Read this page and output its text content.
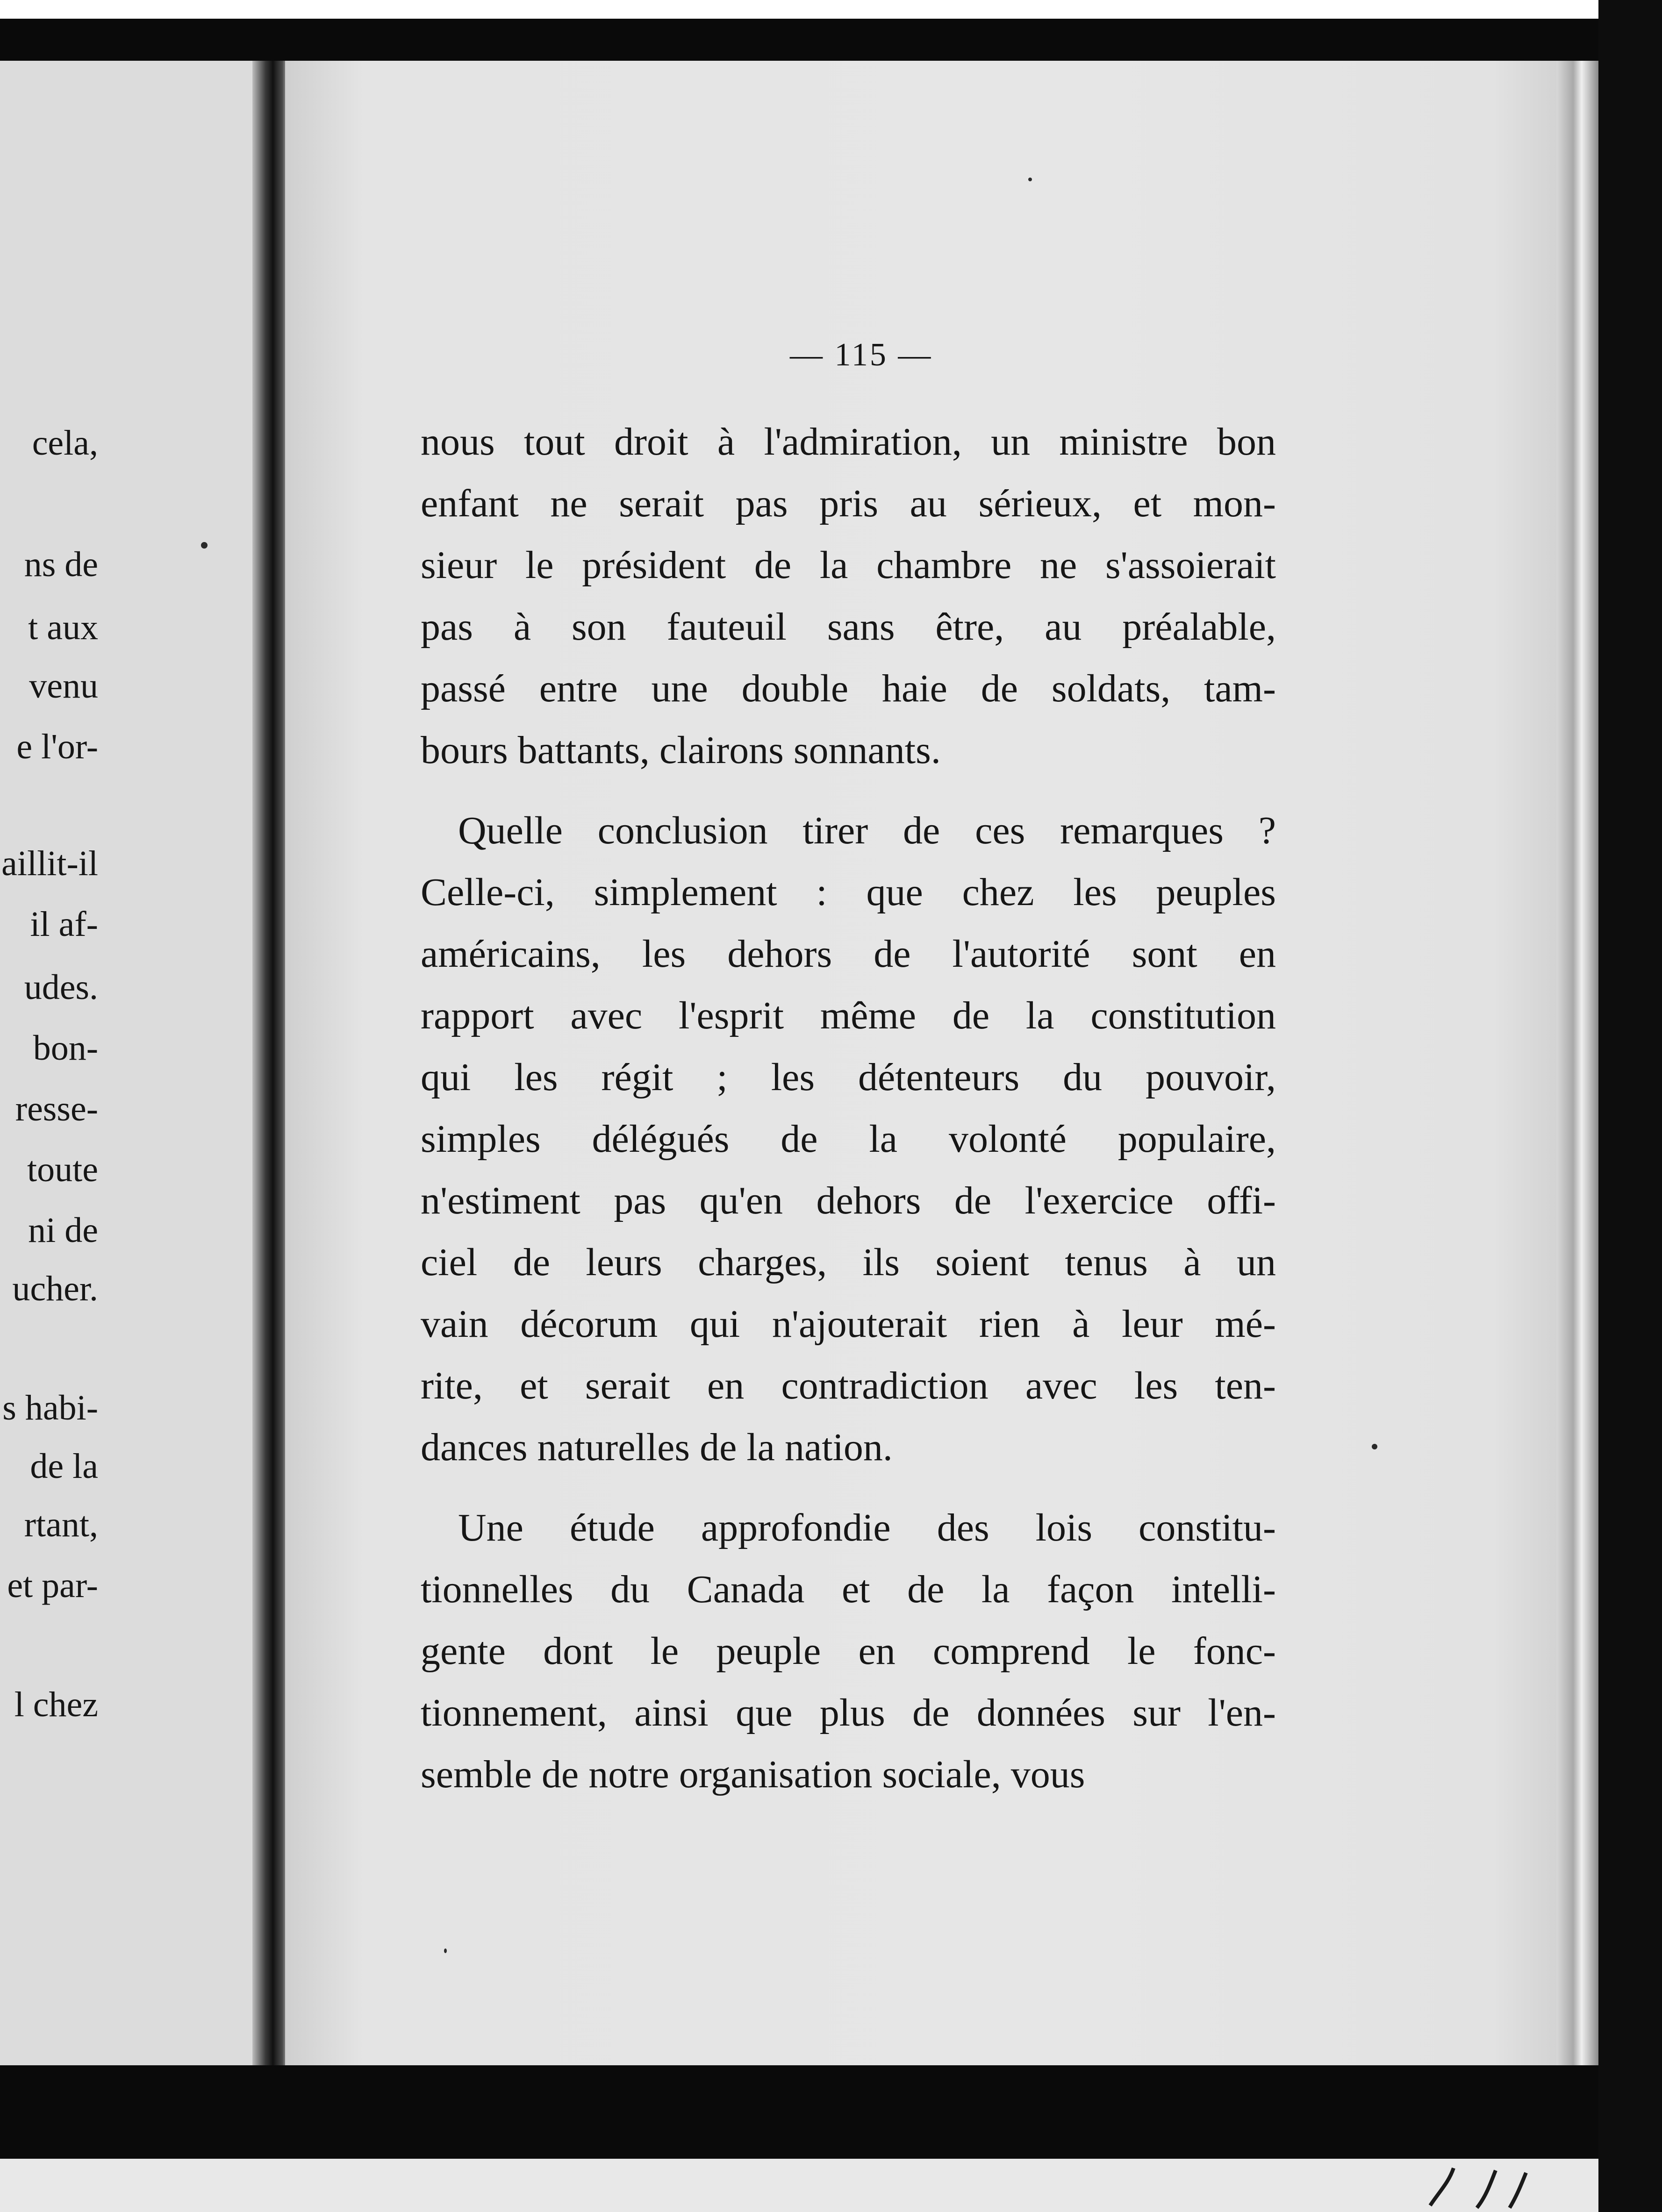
cela,
ns de
t aux
venu
e l'or-
aillit-il
il af-
udes.
bon-
resse-
toute
ni de
ucher.
s habi-
de la
rtant,
et par-
l chez
— 115 —
nous tout droit à l'admiration, un ministre bon
enfant ne serait pas pris au sérieux, et mon-
sieur le président de la chambre ne s'assoierait
pas à son fauteuil sans être, au préalable,
passé entre une double haie de soldats, tam-
bours battants, clairons sonnants.
Quelle conclusion tirer de ces remarques ?
Celle-ci, simplement : que chez les peuples
américains, les dehors de l'autorité sont en
rapport avec l'esprit même de la constitution
qui les régit ; les détenteurs du pouvoir,
simples délégués de la volonté populaire,
n'estiment pas qu'en dehors de l'exercice offi-
ciel de leurs charges, ils soient tenus à un
vain décorum qui n'ajouterait rien à leur mé-
rite, et serait en contradiction avec les ten-
dances naturelles de la nation.
Une étude approfondie des lois constitu-
tionnelles du Canada et de la façon intelli-
gente dont le peuple en comprend le fonc-
tionnement, ainsi que plus de données sur l'en-
semble de notre organisation sociale, vous
